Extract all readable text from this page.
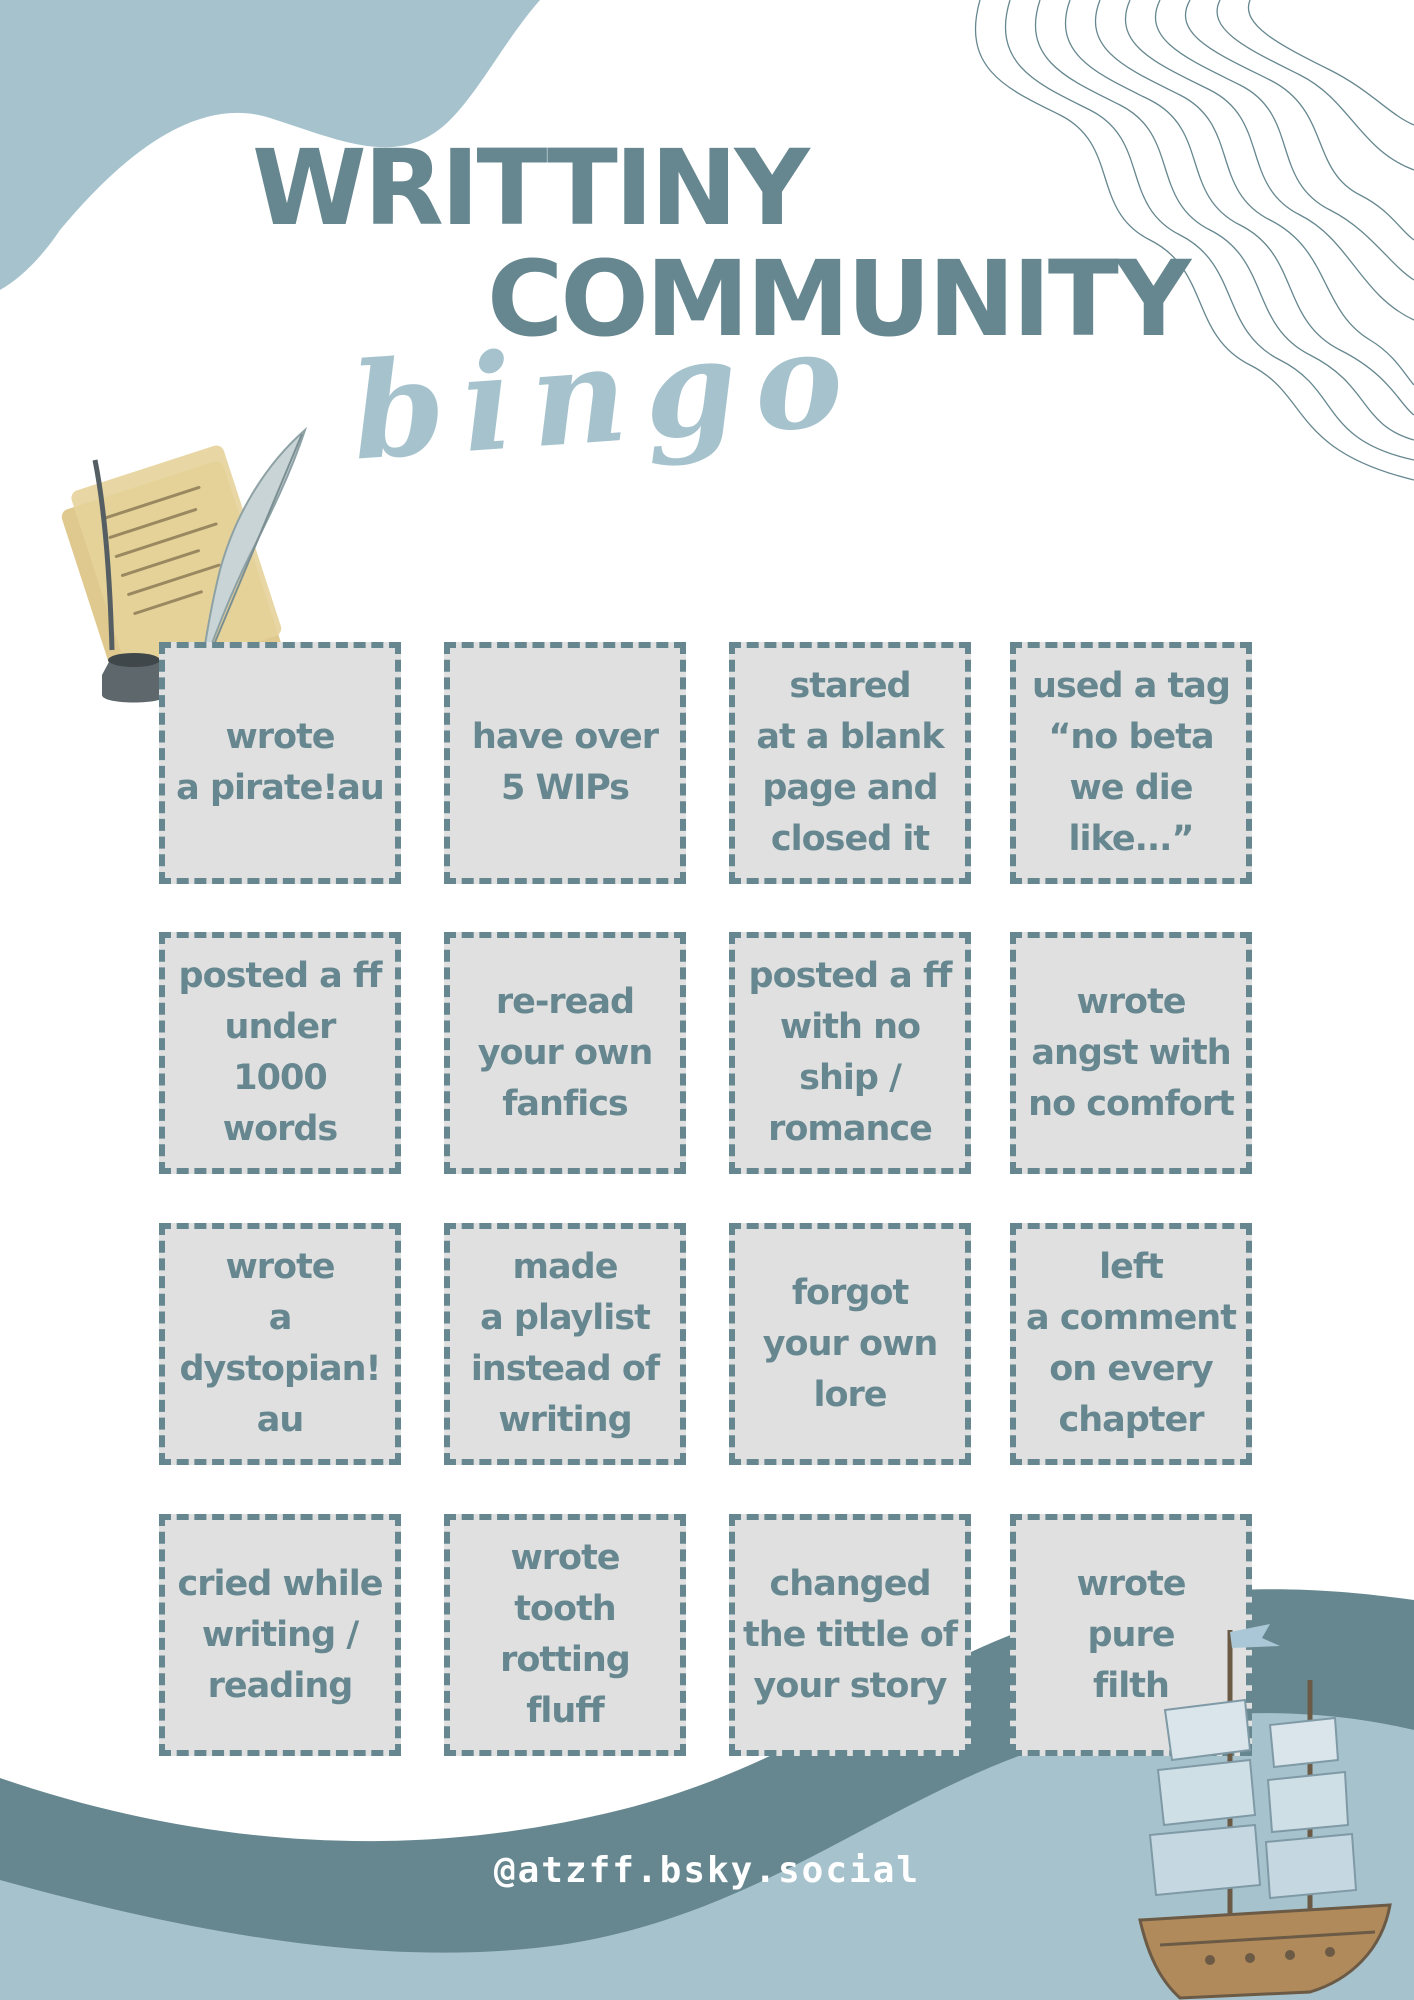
WRITTINY
COMMUNITY
bingo
wrote
a pirate!au
have over
5 WIPs
stared
at a blank
page and
closed it
used a tag
“no beta
we die
like...”
posted a ff
under
1000
words
re-read
your own
fanfics
posted a ff
with no
ship /
romance
wrote
angst with
no comfort
wrote
a
dystopian!
au
made
a playlist
instead of
writing
forgot
your own
lore
left
a comment
on every
chapter
cried while
writing /
reading
wrote
tooth
rotting
fluff
changed
the tittle of
your story
wrote
pure
filth
@atzff.bsky.social
